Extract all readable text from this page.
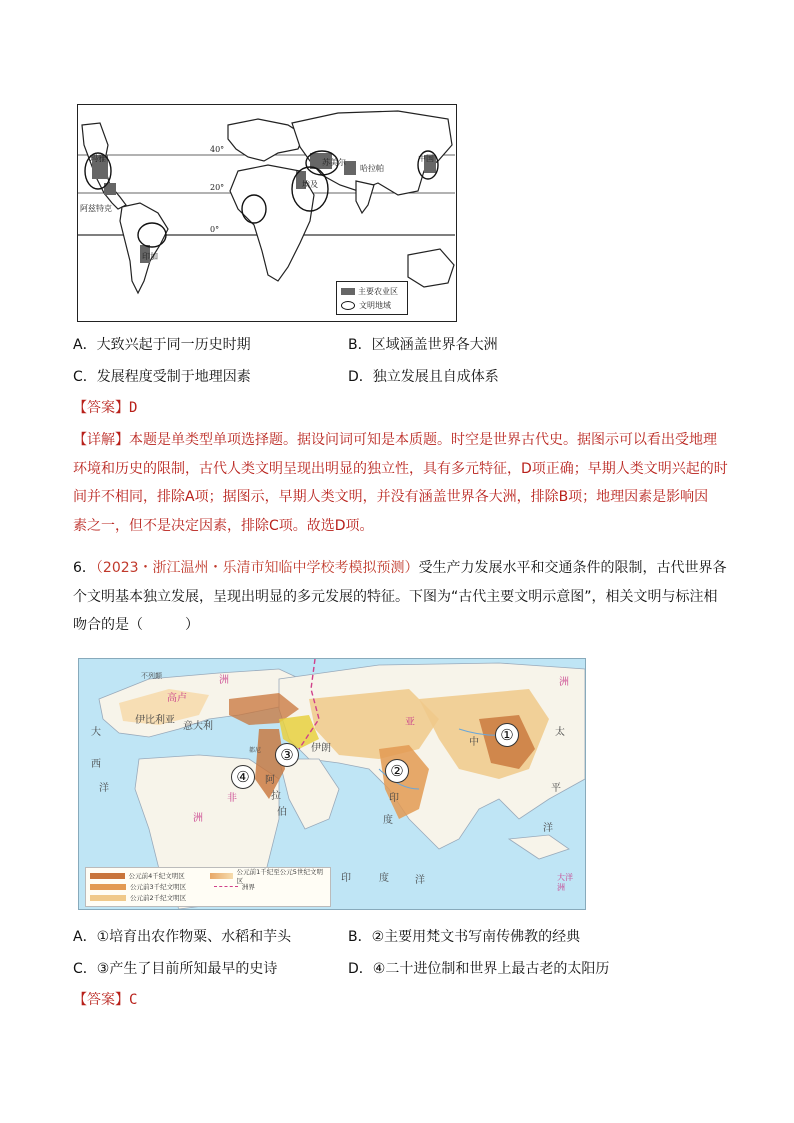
玛雅
阿兹特克
印加
苏美尔
埃及
哈拉帕
中国
40°
20°
0°
主要农业区
文明地域
A．大致兴起于同一历史时期	B．区域涵盖世界各大洲
C．发展程度受制于地理因素	D．独立发展且自成体系
【答案】D
【详解】本题是单类型单项选择题。据设问词可知是本质题。时空是世界古代史。据图示可以看出受地理
环境和历史的限制，古代人类文明呈现出明显的独立性，具有多元特征，D项正确；早期人类文明兴起的时
间并不相同，排除A项；据图示，早期人类文明，并没有涵盖世界各大洲，排除B项；地理因素是影响因
素之一，但不是决定因素，排除C项。故选D项。
6．（2023・浙江温州・乐清市知临中学校考模拟预测）受生产力发展水平和交通条件的限制，古代世界各
个文明基本独立发展，呈现出明显的多元发展的特征。下图为“古代主要文明示意图”，相关文明与标注相
吻合的是（　　　）
①
②
③
④
不列颠
高卢
伊比利亚
意大利
伊朗
中
印
度
阿
拉
伯
非
洲
亚
洲
洲
大
西
洋
太
平
洋
印	度	洋	大洋洲
都尼
公元前4千纪文明区
公元前1千纪至公元5世纪文明区
公元前3千纪文明区	洲界
公元前2千纪文明区
A．①培育出农作物粟、水稻和芋头	B．②主要用梵文书写南传佛教的经典
C．③产生了目前所知最早的史诗	D．④二十进位制和世界上最古老的太阳历
【答案】C
